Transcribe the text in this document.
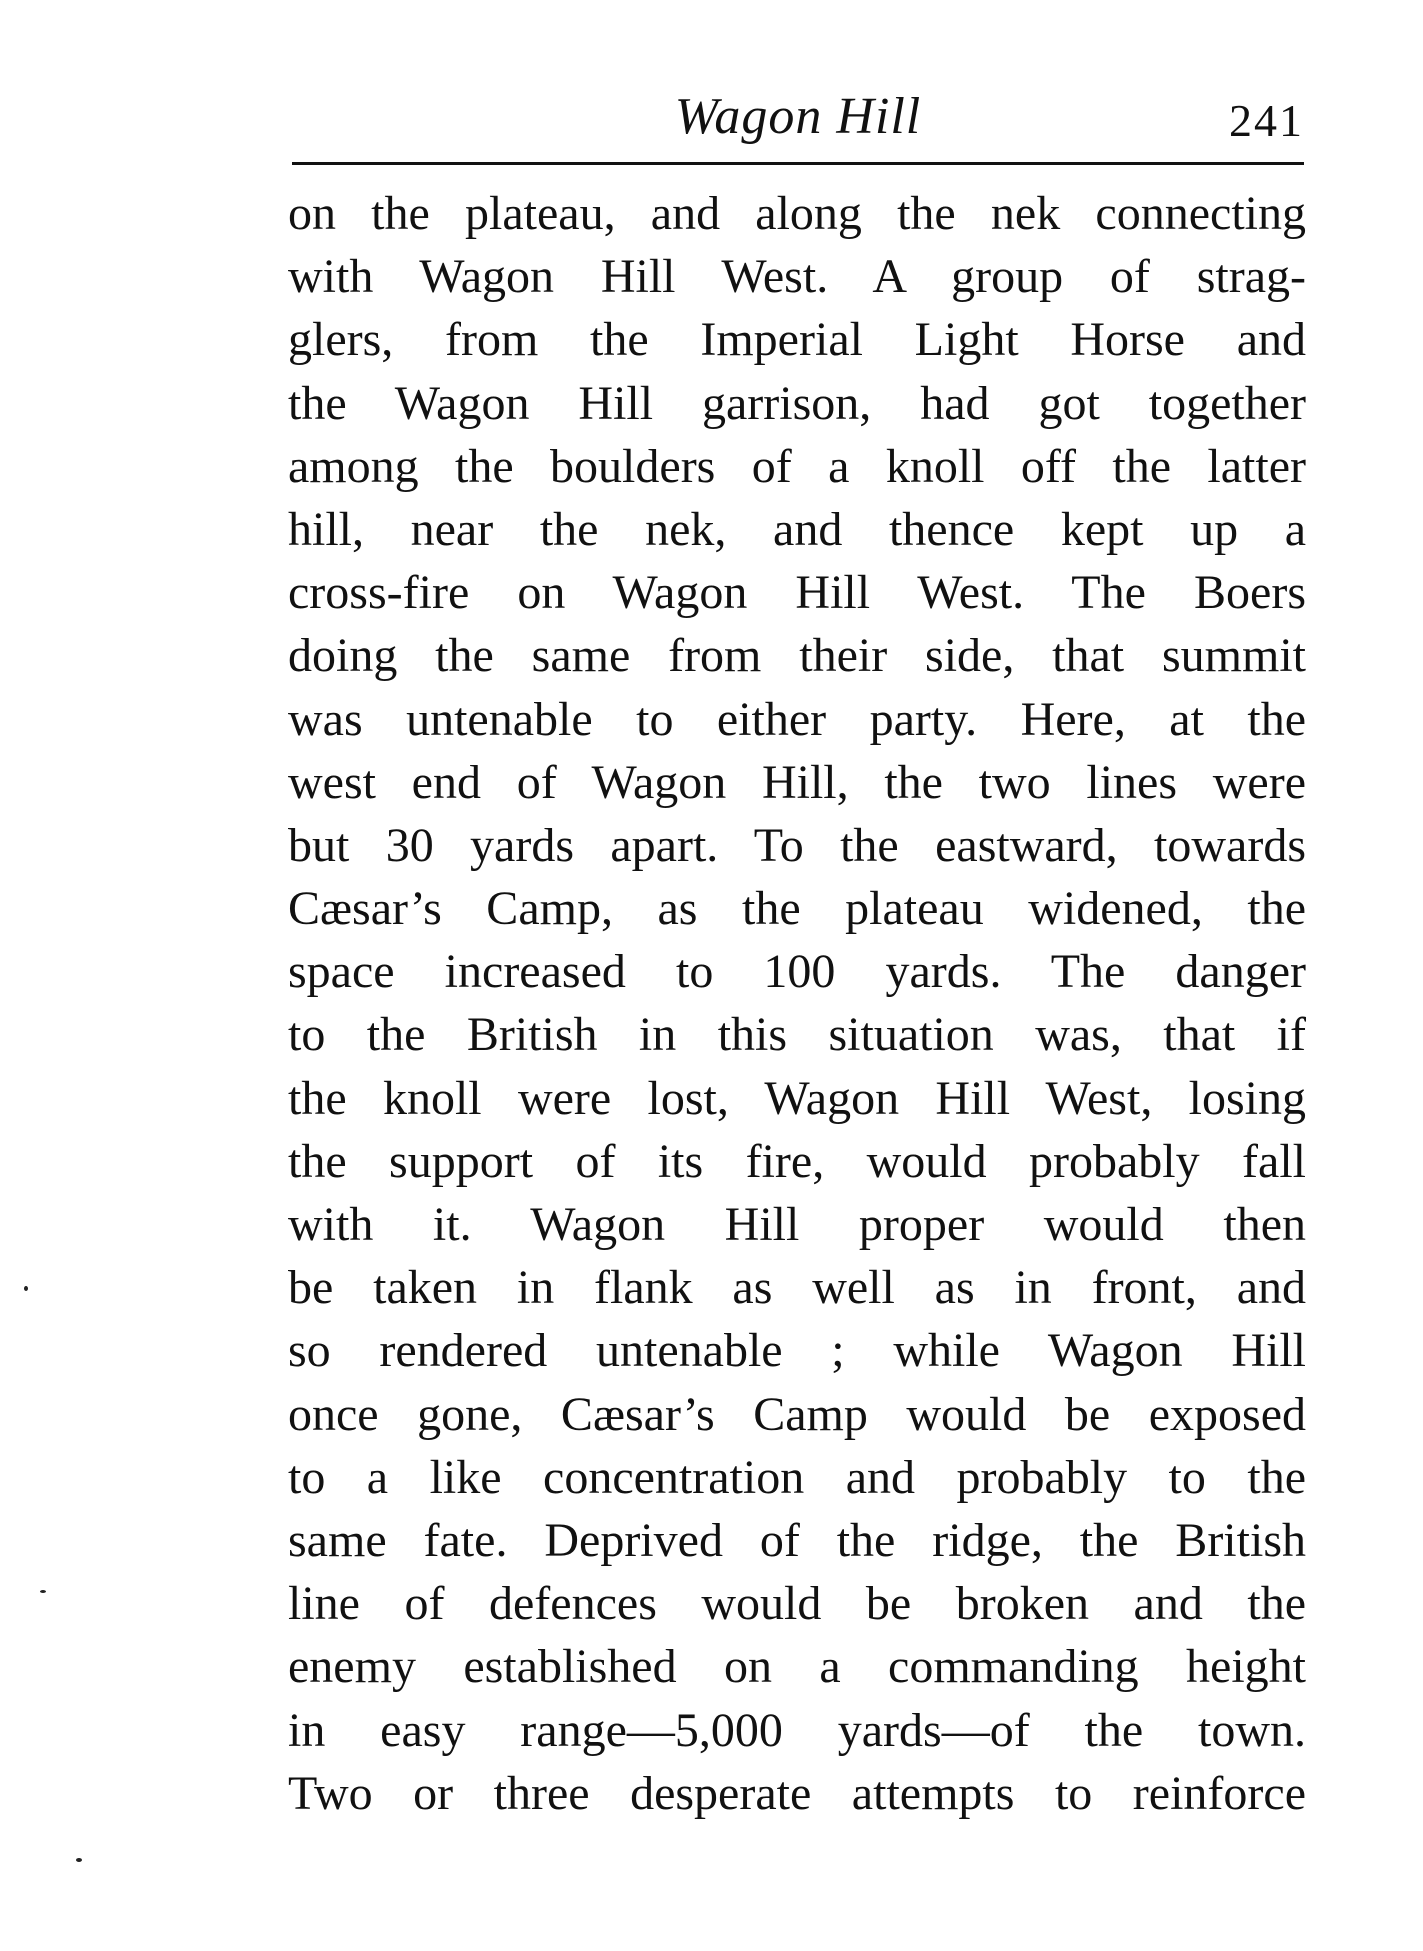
Wagon Hill	241
on the plateau, and along the nek connecting
with Wagon Hill West. A group of strag-
glers, from the Imperial Light Horse and
the Wagon Hill garrison, had got together
among the boulders of a knoll off the latter
hill, near the nek, and thence kept up a
cross-fire on Wagon Hill West. The Boers
doing the same from their side, that summit
was untenable to either party. Here, at the
west end of Wagon Hill, the two lines were
but 30 yards apart. To the eastward, towards
Cæsar’s Camp, as the plateau widened, the
space increased to 100 yards. The danger
to the British in this situation was, that if
the knoll were lost, Wagon Hill West, losing
the support of its fire, would probably fall
with it. Wagon Hill proper would then
be taken in flank as well as in front, and
so rendered untenable ; while Wagon Hill
once gone, Cæsar’s Camp would be exposed
to a like concentration and probably to the
same fate. Deprived of the ridge, the British
line of defences would be broken and the
enemy established on a commanding height
in easy range—5,000 yards—of the town.
Two or three desperate attempts to reinforce
